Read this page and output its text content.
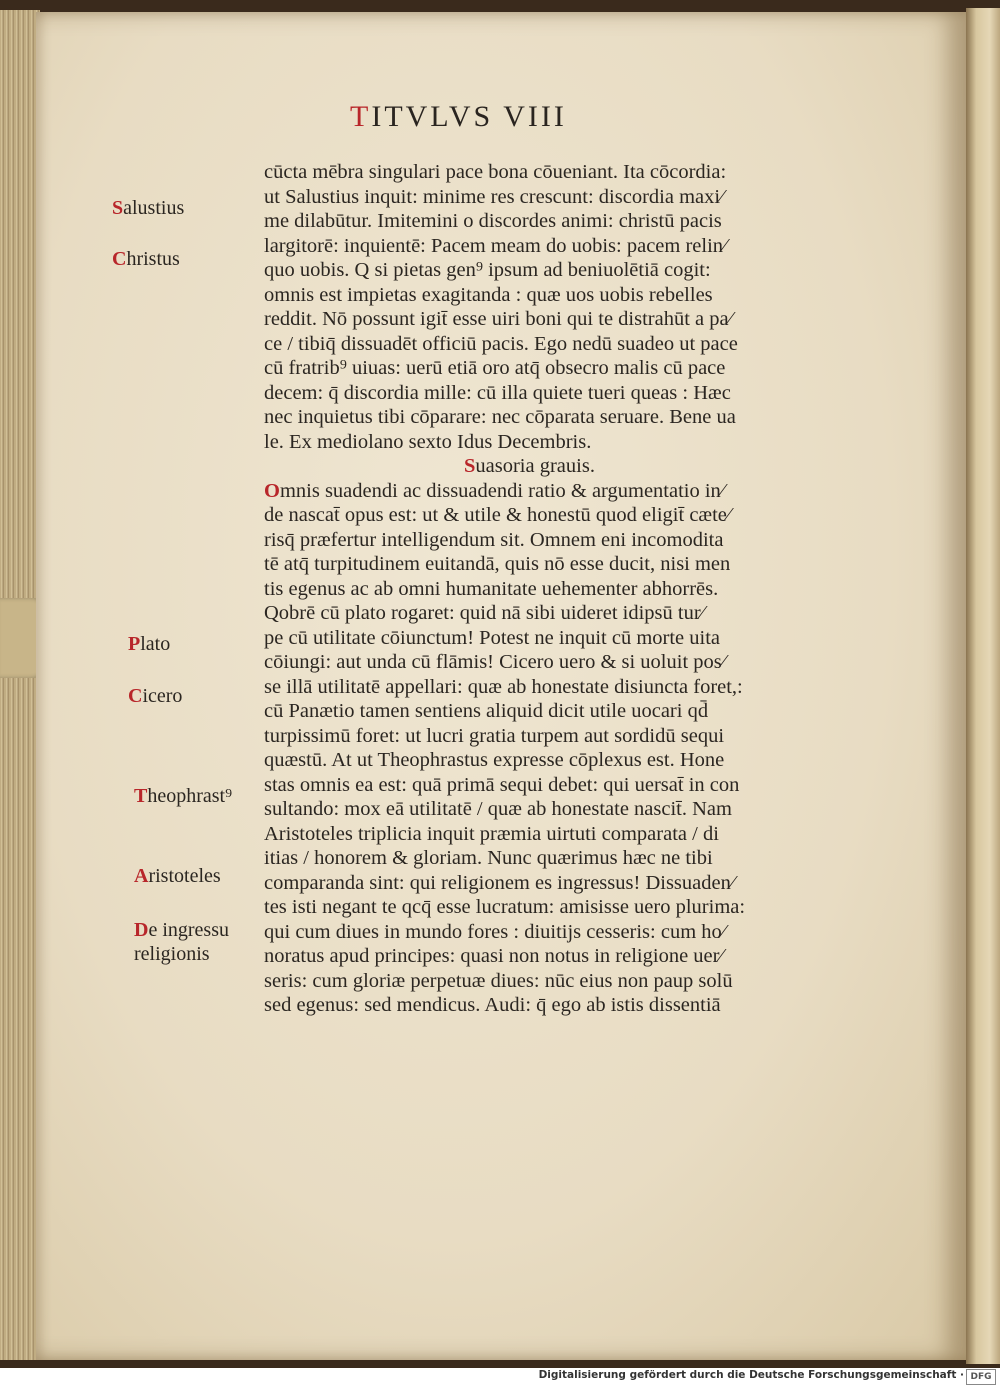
TITVLVS VIII
Salustius
Christus
Plato
Cicero
Theophrast⁹
Aristoteles
De ingressu
religionis
cūcta mēbra singulari pace bona cōueniant. Ita cōcordia:
ut Salustius inquit: minime res crescunt: discordia maxi⁄
me dilabūtur. Imitemini o discordes animi: christū pacis
largitorē: inquientē: Pacem meam do uobis: pacem relin⁄
quo uobis. Q si pietas gen⁹ ipsum ad beniuolētiā cogit:
omnis est impietas exagitanda : quæ uos uobis rebelles
reddit. Nō possunt igit̄ esse uiri boni qui te distrahūt a pa⁄
ce / tibiq̄ dissuadēt officiū pacis. Ego nedū suadeo ut pace
cū fratrib⁹ uiuas: uerū etiā oro atq̄ obsecro malis cū pace
decem: q̄ discordia mille: cū illa quiete tueri queas : Hæc
nec inquietus tibi cōparare: nec cōparata seruare. Bene ua
le. Ex mediolano sexto Idus Decembris.
Suasoria grauis.
Omnis suadendi ac dissuadendi ratio & argumentatio in⁄
de nascat̄ opus est: ut & utile & honestū quod eligit̄ cæte⁄
risq̄ præfertur intelligendum sit. Omnem eni incomodita
tē atq̄ turpitudinem euitandā, quis nō esse ducit, nisi men
tis egenus ac ab omni humanitate uehementer abhorrēs.
Qobrē cū plato rogaret: quid nā sibi uideret idipsū tur⁄
pe cū utilitate cōiunctum! Potest ne inquit cū morte uita
cōiungi: aut unda cū flāmis! Cicero uero & si uoluit pos⁄
se illā utilitatē appellari: quæ ab honestate disiuncta foret,:
cū Panætio tamen sentiens aliquid dicit utile uocari qd̄
turpissimū foret: ut lucri gratia turpem aut sordidū sequi
quæstū. At ut Theophrastus expresse cōplexus est. Hone
stas omnis ea est: quā primā sequi debet: qui uersat̄ in con
sultando: mox eā utilitatē / quæ ab honestate nascit̄. Nam
Aristoteles triplicia inquit præmia uirtuti comparata / di
itias / honorem & gloriam. Nunc quærimus hæc ne tibi
comparanda sint: qui religionem es ingressus! Dissuaden⁄
tes isti negant te qcq̄ esse lucratum: amisisse uero plurima:
qui cum diues in mundo fores : diuitijs cesseris: cum ho⁄
noratus apud principes: quasi non notus in religione uer⁄
seris: cum gloriæ perpetuæ diues: nūc eius non paup solū
sed egenus: sed mendicus. Audi: q̄ ego ab istis dissentiā
Digitalisierung gefördert durch die Deutsche Forschungsgemeinschaft · DFG
